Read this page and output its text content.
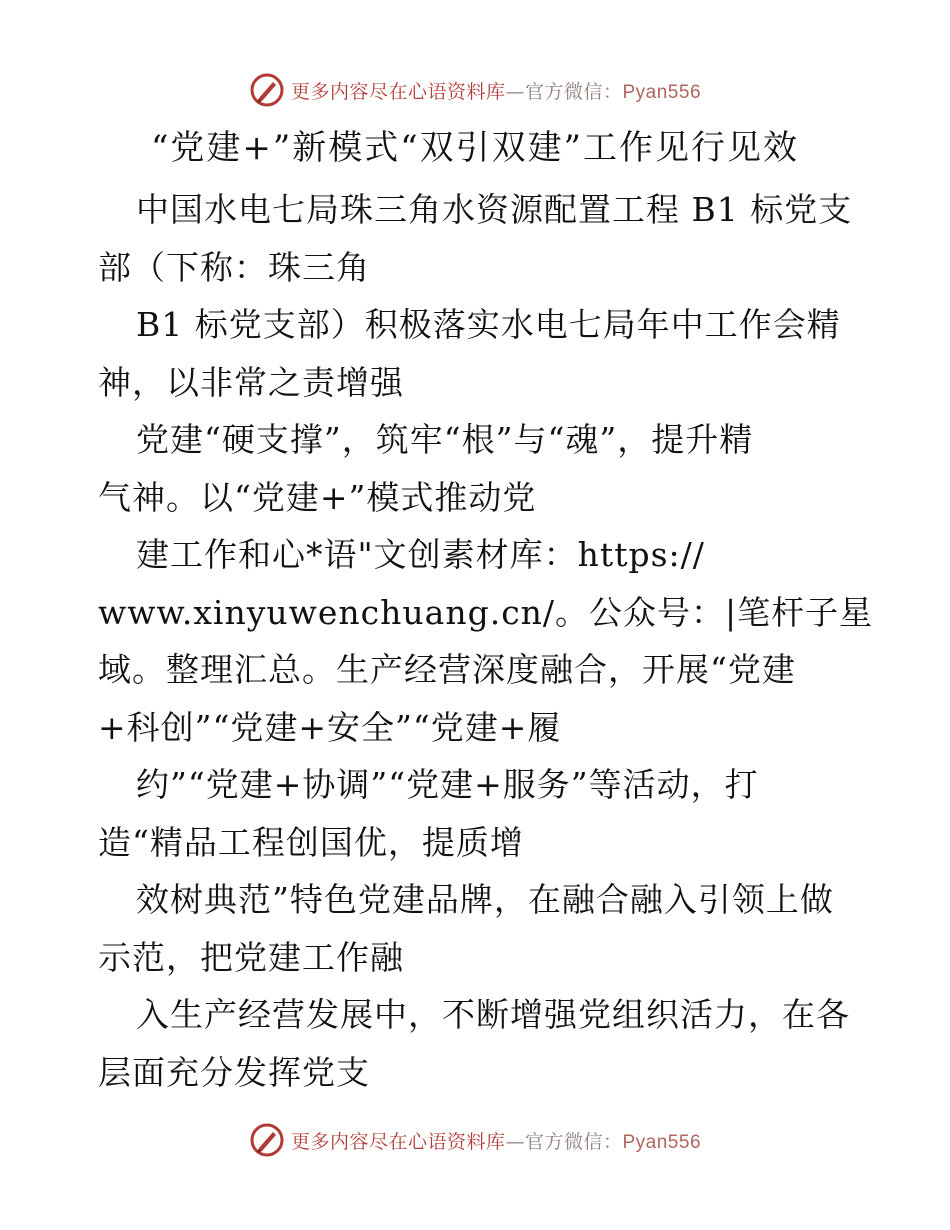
更多内容尽在心语资料库—官方微信：Pyan556
“党建+”新模式“双引双建”工作见行见效
中国水电七局珠三角水资源配置工程 B1 标党支
部（下称：珠三角
B1 标党支部）积极落实水电七局年中工作会精
神，以非常之责增强
党建“硬支撑”，筑牢“根”与“魂”，提升精
气神。以“党建+”模式推动党
建工作和心*语"文创素材库：https://
www.xinyuwenchuang.cn/。公众号：|笔杆子星
域。整理汇总。生产经营深度融合，开展“党建
+科创”“党建+安全”“党建+履
约”“党建+协调”“党建+服务”等活动，打
造“精品工程创国优，提质增
效树典范”特色党建品牌，在融合融入引领上做
示范，把党建工作融
入生产经营发展中，不断增强党组织活力，在各
层面充分发挥党支
更多内容尽在心语资料库—官方微信：Pyan556
